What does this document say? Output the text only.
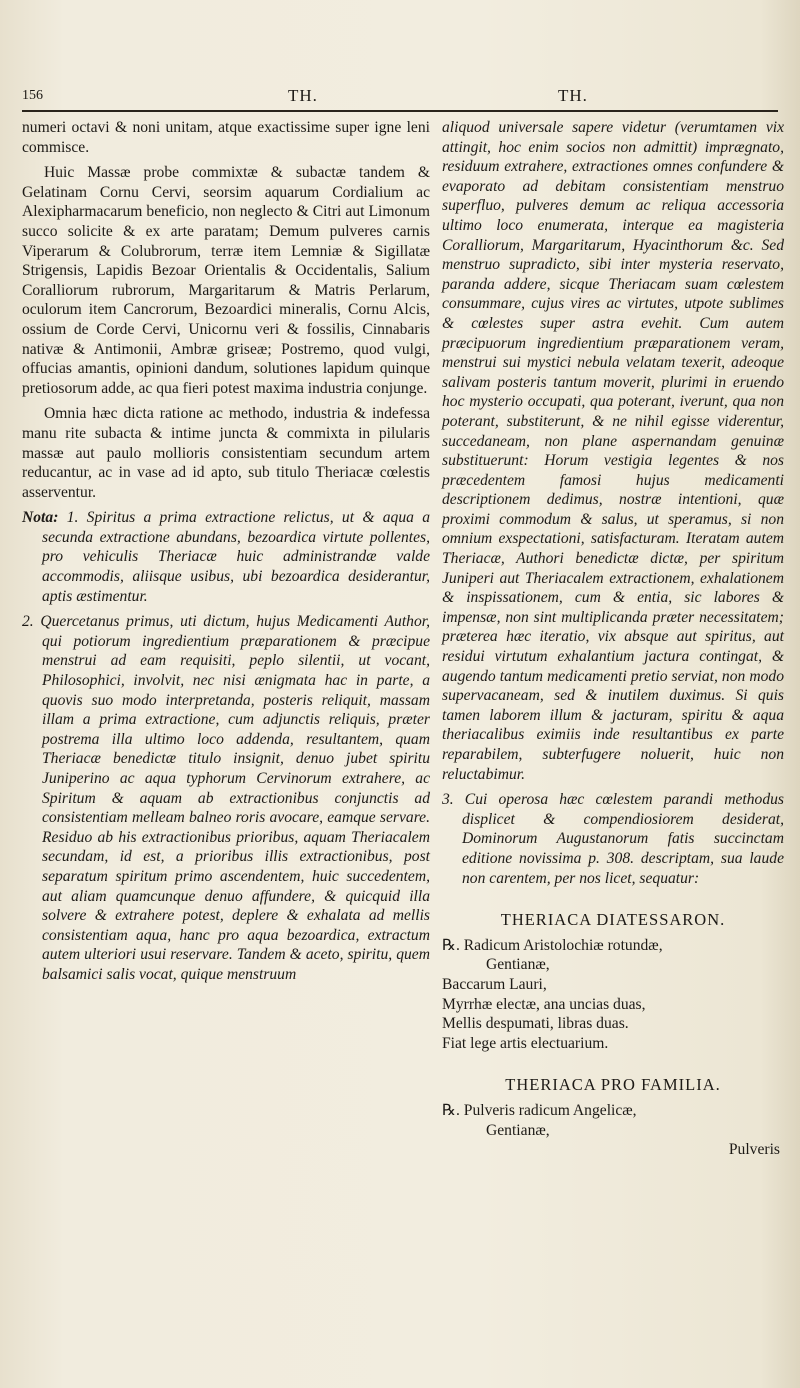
156	TH.	TH.

numeri octavi & noni unitam, atque exactissime super igne leni commisce.

Huic Massæ probe commixtæ & subactæ tandem & Gelatinam Cornu Cervi, seorsim aquarum Cordialium ac Alexipharmacarum beneficio, non neglecto & Citri aut Limonum succo solicite & ex arte paratam; Demum pulveres carnis Viperarum & Colubrorum, terræ item Lemniæ & Sigillatæ Strigensis, Lapidis Bezoar Orientalis & Occidentalis, Salium Coralliorum rubrorum, Margaritarum & Matris Perlarum, oculorum item Cancrorum, Bezoardici mineralis, Cornu Alcis, ossium de Corde Cervi, Unicornu veri & fossilis, Cinnabaris nativæ & Antimonii, Ambræ griseæ; Postremo, quod vulgi, offucias amantis, opinioni dandum, solutiones lapidum quinque pretiosorum adde, ac qua fieri potest maxima industria conjunge.

Omnia hæc dicta ratione ac methodo, industria & indefessa manu rite subacta & intime juncta & commixta in pilularis massæ aut paulo mollioris consistentiam secundum artem reducantur, ac in vase ad id apto, sub titulo Theriacæ cœlestis asserventur.

Nota: 1. Spiritus a prima extractione relictus, ut & aqua a secunda extractione abundans, bezoardica virtute pollentes, pro vehiculis Theriacæ huic administrandæ valde accommodis, aliisque usibus, ubi bezoardica desiderantur, aptis æstimentur.

2. Quercetanus primus, uti dictum, hujus Medicamenti Author, qui potiorum ingredientium præparationem & præcipue menstrui ad eam requisiti, peplo silentii, ut vocant, Philosophici, involvit, nec nisi ænigmata hac in parte, a quovis suo modo interpretanda, posteris reliquit, massam illam a prima extractione, cum adjunctis reliquis, præter postrema illa ultimo loco addenda, resultantem, quam Theriacæ benedictæ titulo insignit, denuo jubet spiritu Juniperino ac aqua typhorum Cervinorum extrahere, ac Spiritum & aquam ab extractionibus conjunctis ad consistentiam melleam balneo roris avocare, eamque servare. Residuo ab his extractionibus prioribus, aquam Theriacalem secundam, id est, a prioribus illis extractionibus, post separatum spiritum primo ascendentem, huic succedentem, aut aliam quamcunque denuo affundere, & quicquid illa solvere & extrahere potest, deplere & exhalata ad mellis consistentiam aqua, hanc pro aqua bezoardica, extractum autem ulteriori usui reservare. Tandem & aceto, spiritu, quem balsamici salis vocat, quique menstruum

aliquod universale sapere videtur (verumtamen vix attingit, hoc enim socios non admittit) imprægnato, residuum extrahere, extractiones omnes confundere & evaporato ad debitam consistentiam menstruo superfluo, pulveres demum ac reliqua accessoria ultimo loco enumerata, interque ea magisteria Coralliorum, Margaritarum, Hyacinthorum &c. Sed menstruo supradicto, sibi inter mysteria reservato, paranda addere, sicque Theriacam suam cœlestem consummare, cujus vires ac virtutes, utpote sublimes & cœlestes super astra evehit. Cum autem præcipuorum ingredientium præparationem veram, menstrui sui mystici nebula velatam texerit, adeoque salivam posteris tantum moverit, plurimi in eruendo hoc mysterio occupati, qua poterant, iverunt, qua non poterant, substiterunt, & ne nihil egisse viderentur, succedaneam, non plane aspernandam genuinæ substituerunt: Horum vestigia legentes & nos præcedentem famosi hujus medicamenti descriptionem dedimus, nostræ intentioni, quæ proximi commodum & salus, ut speramus, si non omnium exspectationi, satisfacturam. Iteratam autem Theriacæ, Authori benedictæ dictæ, per spiritum Juniperi aut Theriacalem extractionem, exhalationem & inspissationem, cum & entia, sic labores & impensæ, non sint multiplicanda præter necessitatem; præterea hæc iteratio, vix absque aut spiritus, aut residui virtutum exhalantium jactura contingat, & augendo tantum medicamenti pretio serviat, non modo supervacaneam, sed & inutilem duximus. Si quis tamen laborem illum & jacturam, spiritu & aqua theriacalibus eximiis inde resultantibus ex parte reparabilem, subterfugere noluerit, huic non reluctabimur.

3. Cui operosa hæc cœlestem parandi methodus displicet & compendiosiorem desiderat, Dominorum Augustanorum fatis succinctam editione novissima p. 308. descriptam, sua laude non carentem, per nos licet, sequatur:

THERIACA DIATESSARON.

℞. Radicum Aristolochiæ rotundæ,

Gentianæ,

Baccarum Lauri,

Myrrhæ electæ, ana uncias duas,

Mellis despumati, libras duas.

Fiat lege artis electuarium.

THERIACA PRO FAMILIA.

℞. Pulveris radicum Angelicæ,

Gentianæ,

Pulveris
